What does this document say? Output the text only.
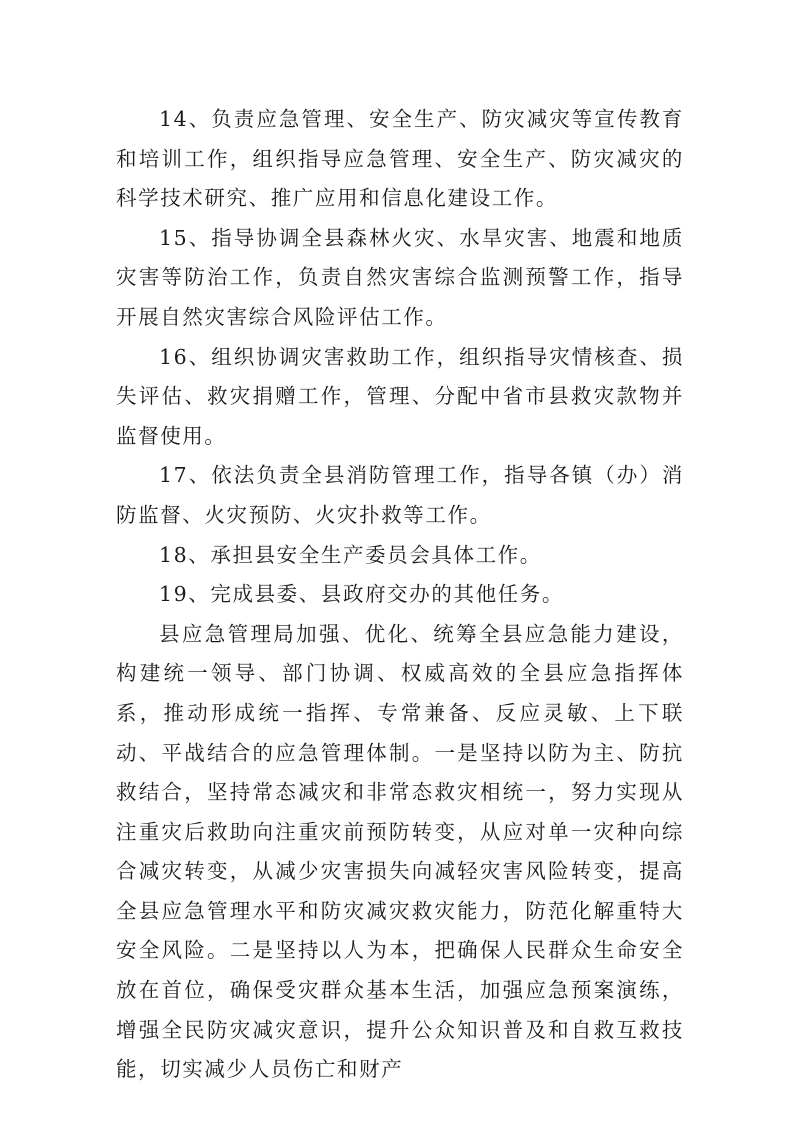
14、负责应急管理、安全生产、防灾减灾等宣传教育和培训工作，组织指导应急管理、安全生产、防灾减灾的科学技术研究、推广应用和信息化建设工作。

15、指导协调全县森林火灾、水旱灾害、地震和地质灾害等防治工作，负责自然灾害综合监测预警工作，指导开展自然灾害综合风险评估工作。

16、组织协调灾害救助工作，组织指导灾情核查、损失评估、救灾捐赠工作，管理、分配中省市县救灾款物并监督使用。

17、依法负责全县消防管理工作，指导各镇（办）消防监督、火灾预防、火灾扑救等工作。

18、承担县安全生产委员会具体工作。

19、完成县委、县政府交办的其他任务。

县应急管理局加强、优化、统筹全县应急能力建设，构建统一领导、部门协调、权威高效的全县应急指挥体系，推动形成统一指挥、专常兼备、反应灵敏、上下联动、平战结合的应急管理体制。一是坚持以防为主、防抗救结合，坚持常态减灾和非常态救灾相统一，努力实现从注重灾后救助向注重灾前预防转变，从应对单一灾种向综合减灾转变，从减少灾害损失向减轻灾害风险转变，提高全县应急管理水平和防灾减灾救灾能力，防范化解重特大安全风险。二是坚持以人为本，把确保人民群众生命安全放在首位，确保受灾群众基本生活，加强应急预案演练，增强全民防灾减灾意识，提升公众知识普及和自救互救技能，切实减少人员伤亡和财产
